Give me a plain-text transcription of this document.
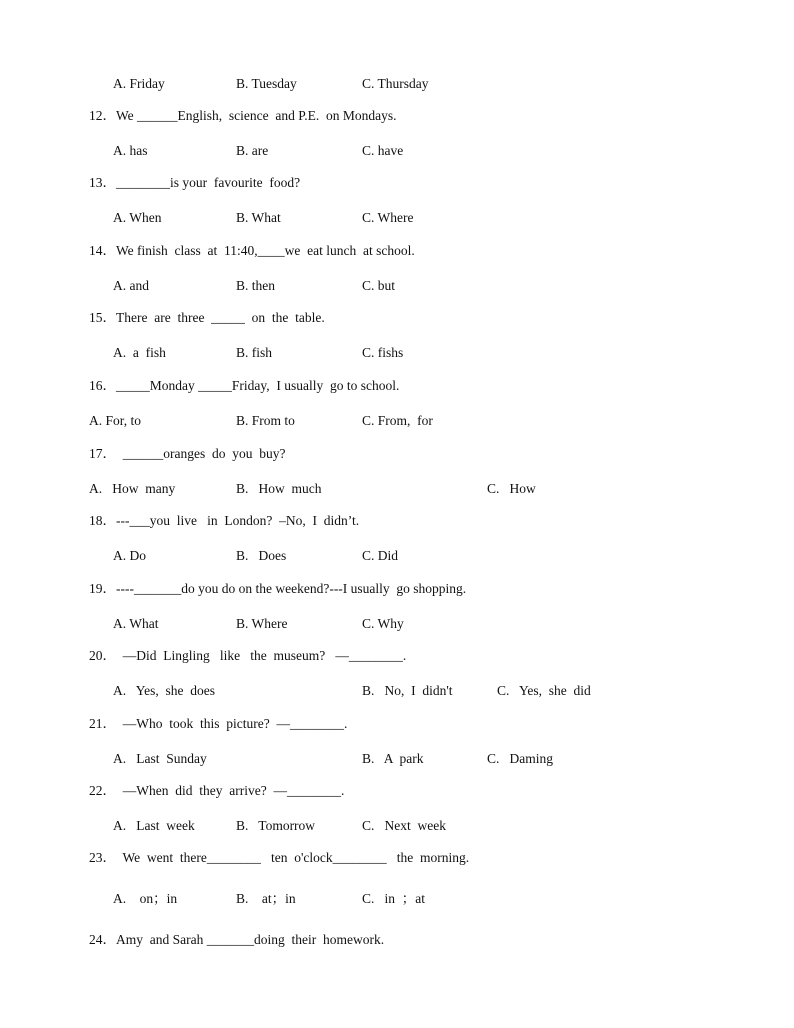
A. Friday	B. Tuesday	C. Thursday
12．We ______English,  science  and P.E.  on Mondays.
A. has	B. are	C. have
13．________is your  favourite  food?
A. When	B. What	C. Where
14．We finish  class  at  11:40,____we  eat lunch  at school.
A. and	B. then	C. but
15．There  are  three  _____  on  the  table.
A.  a  fish	B. fish	C. fishs
16．_____Monday _____Friday,  I usually  go to school.
A. For, to	B. From to	C. From,  for
17．  ______oranges  do  you  buy?
A.   How  many	B.   How  much	C.   How
18．---___you  live   in  London?  –No,  I  didn’t.
A. Do	B.   Does	C. Did
19．----_______do you do on the weekend?---I usually  go shopping.
A. What	B. Where	C. Why
20．  —Did  Lingling   like   the  museum?   —________.
A.   Yes,  she  does	B.   No,  I  didn't	C.   Yes,  she  did
21．  —Who  took  this  picture?  —________.
A.   Last  Sunday	B.   A  park	C.   Daming
22．  —When  did  they  arrive?  —________.
A.   Last  week	B.   Tomorrow	C.   Next  week
23．  We  went  there________   ten  o'clock________   the  morning.
A.    on；in	B.    at；in	C.   in  ；at
24．Amy  and Sarah _______doing  their  homework.
